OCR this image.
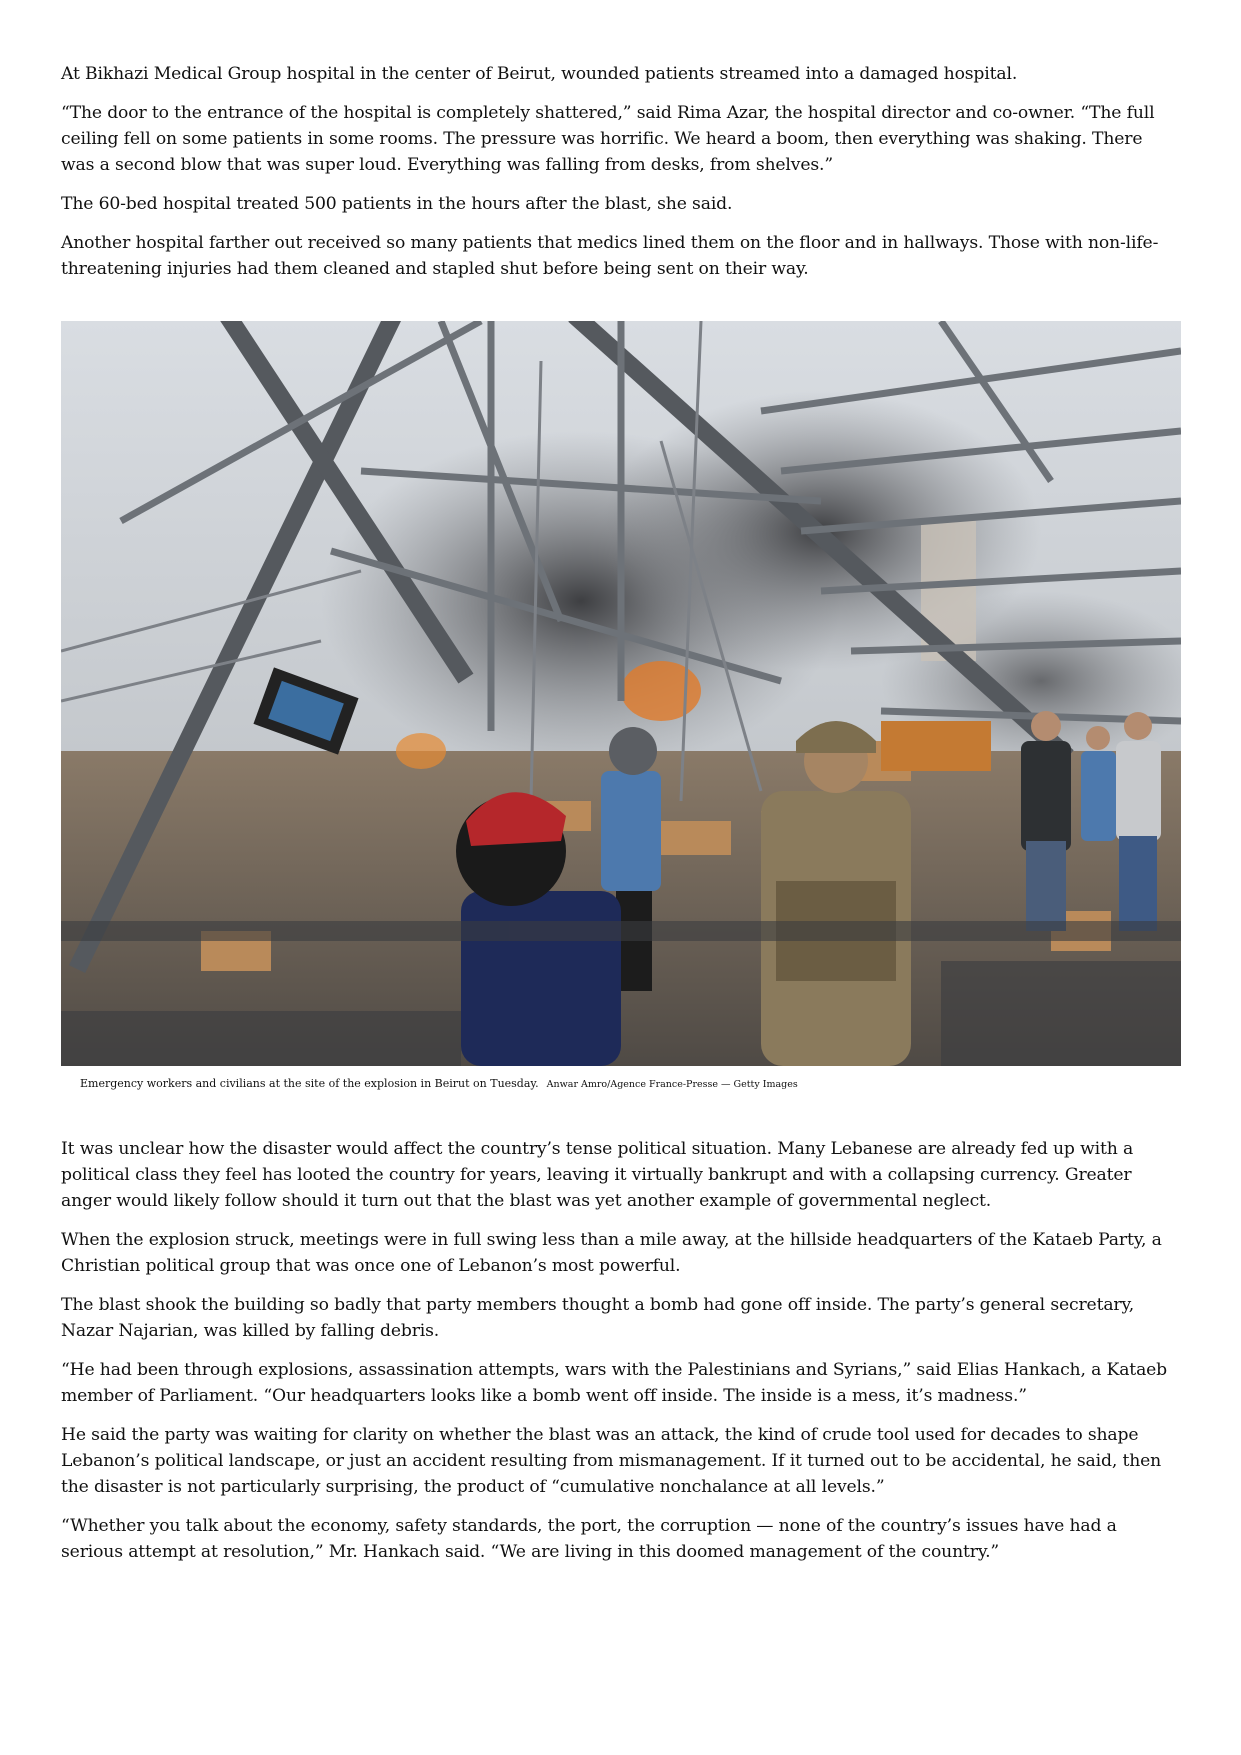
At Bikhazi Medical Group hospital in the center of Beirut, wounded patients streamed into a damaged hospital.

“The door to the entrance of the hospital is completely shattered,” said Rima Azar, the hospital director and co-owner. “The full ceiling fell on some patients in some rooms. The pressure was horrific. We heard a boom, then everything was shaking. There was a second blow that was super loud. Everything was falling from desks, from shelves.”

The 60-bed hospital treated 500 patients in the hours after the blast, she said.

Another hospital farther out received so many patients that medics lined them on the floor and in hallways. Those with non-life-threatening injuries had them cleaned and stapled shut before being sent on their way.

Emergency workers and civilians at the site of the explosion in Beirut on Tuesday. Anwar Amro/Agence France-Presse — Getty Images

It was unclear how the disaster would affect the country’s tense political situation. Many Lebanese are already fed up with a political class they feel has looted the country for years, leaving it virtually bankrupt and with a collapsing currency. Greater anger would likely follow should it turn out that the blast was yet another example of governmental neglect.

When the explosion struck, meetings were in full swing less than a mile away, at the hillside headquarters of the Kataeb Party, a Christian political group that was once one of Lebanon’s most powerful.

The blast shook the building so badly that party members thought a bomb had gone off inside. The party’s general secretary, Nazar Najarian, was killed by falling debris.

“He had been through explosions, assassination attempts, wars with the Palestinians and Syrians,” said Elias Hankach, a Kataeb member of Parliament. “Our headquarters looks like a bomb went off inside. The inside is a mess, it’s madness.”

He said the party was waiting for clarity on whether the blast was an attack, the kind of crude tool used for decades to shape Lebanon’s political landscape, or just an accident resulting from mismanagement. If it turned out to be accidental, he said, then the disaster is not particularly surprising, the product of “cumulative nonchalance at all levels.”

“Whether you talk about the economy, safety standards, the port, the corruption — none of the country’s issues have had a serious attempt at resolution,” Mr. Hankach said. “We are living in this doomed management of the country.”
